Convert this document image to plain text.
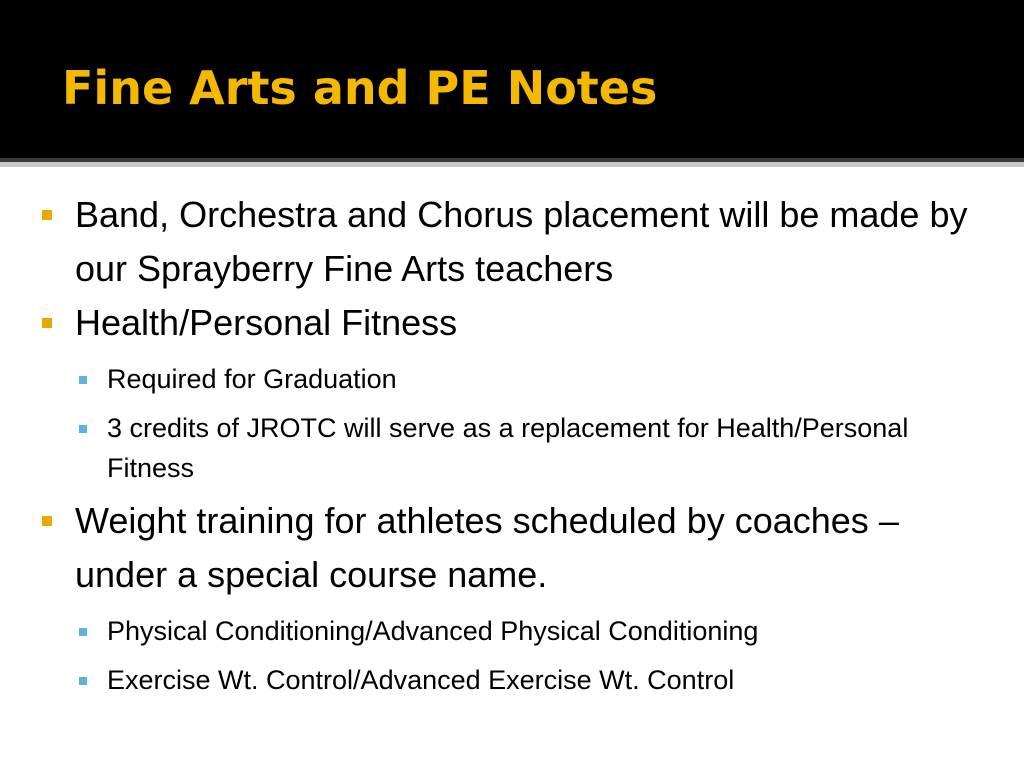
Fine Arts and PE Notes

Band, Orchestra and Chorus placement will be made by our Sprayberry Fine Arts teachers

Health/Personal Fitness

Required for Graduation

3 credits of JROTC will serve as a replacement for Health/Personal Fitness

Weight training for athletes scheduled by coaches – under a special course name.

Physical Conditioning/Advanced Physical Conditioning

Exercise Wt. Control/Advanced Exercise Wt. Control
